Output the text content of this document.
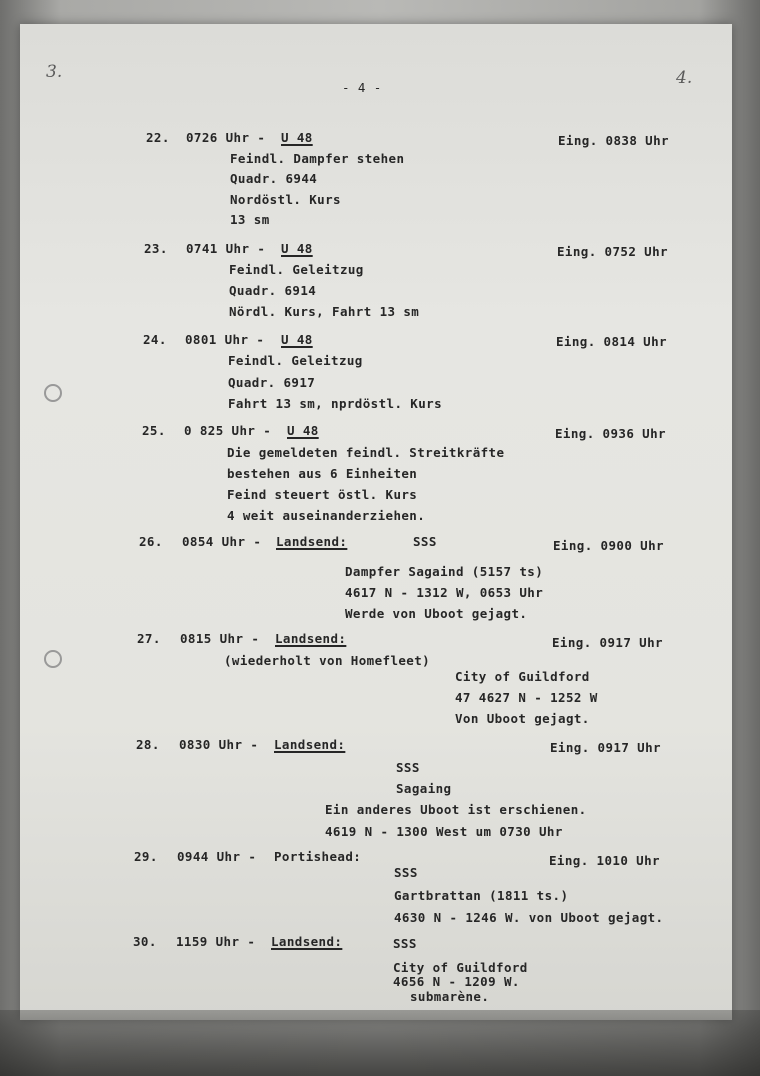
3.	4.
- 4 -
22. 0726 Uhr - U 48	Eing. 0838 Uhr
Feindl. Dampfer stehen
Quadr. 6944
Nordöstl. Kurs
13 sm
23. 0741 Uhr - U 48	Eing. 0752 Uhr
Feindl. Geleitzug
Quadr. 6914
Nördl. Kurs, Fahrt 13 sm
24. 0801 Uhr - U 48	Eing. 0814 Uhr
Feindl. Geleitzug
Quadr. 6917
Fahrt 13 sm, nprdöstl. Kurs
25. 0 825 Uhr - U 48	Eing. 0936 Uhr
Die gemeldeten feindl. Streitkräfte
bestehen aus 6 Einheiten
Feind steuert östl. Kurs
4 weit auseinanderziehen.
26. 0854 Uhr - Landsend:	SSS	Eing. 0900 Uhr
Dampfer Sagaind (5157 ts)
4617 N - 1312 W, 0653 Uhr
Werde von Uboot gejagt.
27. 0815 Uhr - Landsend:	Eing. 0917 Uhr
(wiederholt von Homefleet)
City of Guildford
47 4627 N - 1252 W
Von Uboot gejagt.
28. 0830 Uhr - Landsend:	Eing. 0917 Uhr
SSS
Sagaing
Ein anderes Uboot ist erschienen.
4619 N - 1300 West um 0730 Uhr
29. 0944 Uhr - Portishead:	Eing. 1010 Uhr
SSS
Gartbrattan (1811 ts.)
4630 N - 1246 W. von Uboot gejagt.
30. 1159 Uhr - Landsend:	SSS
City of Guildford
4656 N - 1209 W.
submarène.
